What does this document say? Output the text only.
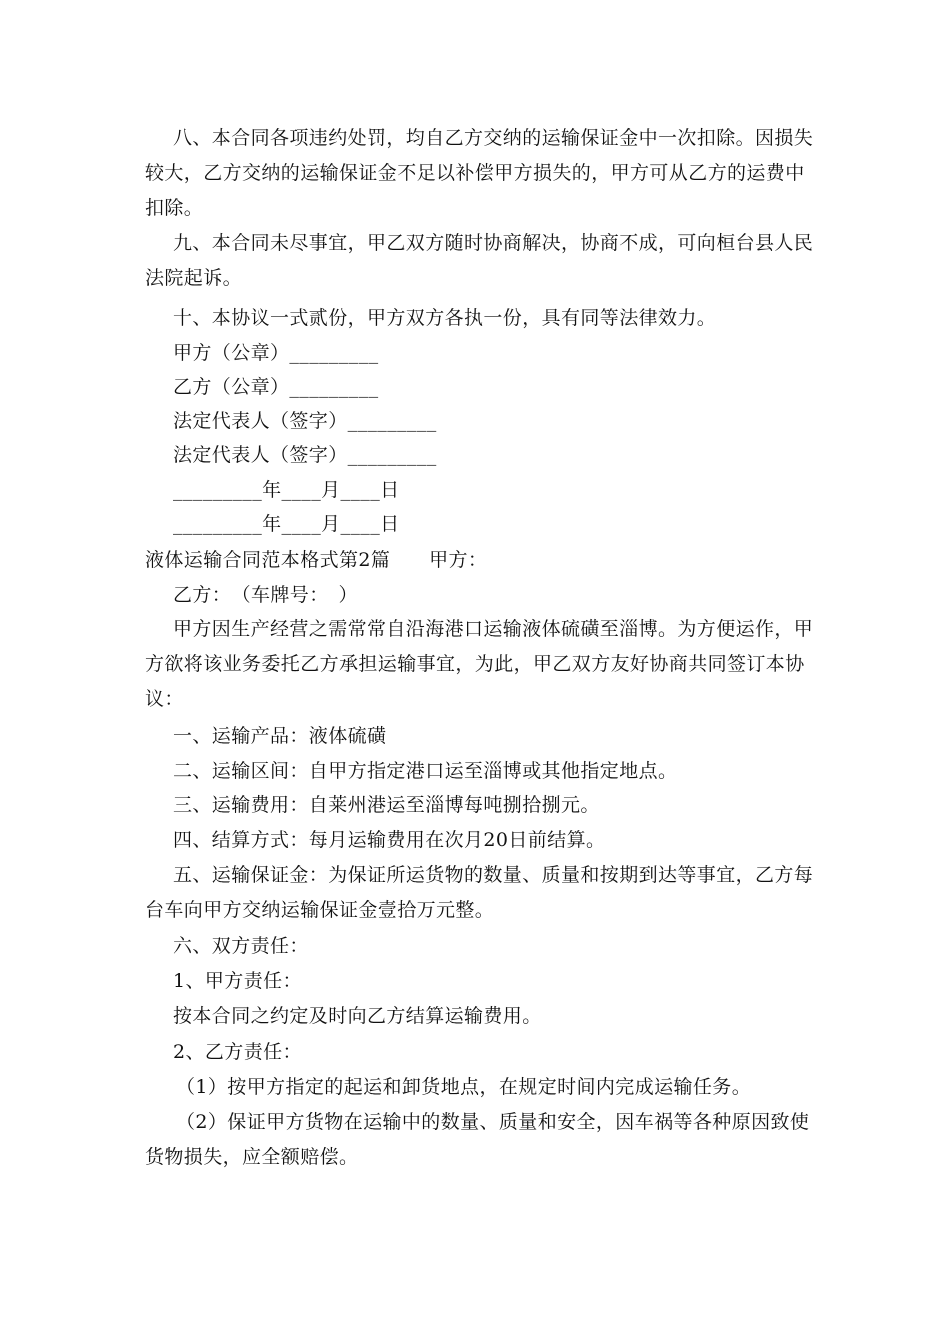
八、本合同各项违约处罚，均自乙方交纳的运输保证金中一次扣除。因损失
较大，乙方交纳的运输保证金不足以补偿甲方损失的，甲方可从乙方的运费中
扣除。
九、本合同未尽事宜，甲乙双方随时协商解决，协商不成，可向桓台县人民
法院起诉。
十、本协议一式贰份，甲方双方各执一份，具有同等法律效力。
甲方（公章）_________
乙方（公章）_________
法定代表人（签字）_________
法定代表人（签字）_________
_________年____月____日
_________年____月____日
液体运输合同范本格式第2篇　　甲方：
乙方：　（车牌号：　）
甲方因生产经营之需常常自沿海港口运输液体硫磺至淄博。为方便运作，甲
方欲将该业务委托乙方承担运输事宜，为此，甲乙双方友好协商共同签订本协
议：
一、运输产品：液体硫磺
二、运输区间：自甲方指定港口运至淄博或其他指定地点。
三、运输费用：自莱州港运至淄博每吨捌拾捌元。
四、结算方式：每月运输费用在次月20日前结算。
五、运输保证金：为保证所运货物的数量、质量和按期到达等事宜，乙方每
台车向甲方交纳运输保证金壹拾万元整。
六、双方责任：
1、甲方责任：
按本合同之约定及时向乙方结算运输费用。
2、乙方责任：
（1）按甲方指定的起运和卸货地点，在规定时间内完成运输任务。
（2）保证甲方货物在运输中的数量、质量和安全，因车祸等各种原因致使
货物损失，应全额赔偿。
